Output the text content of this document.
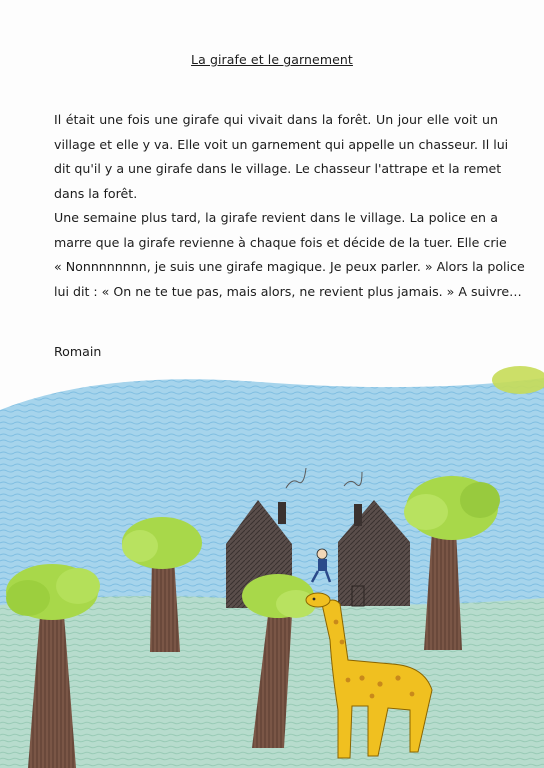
La girafe et le garnement
Il était une fois une girafe qui vivait dans la forêt. Un jour elle voit un
village et elle y va. Elle voit un garnement qui appelle un chasseur. Il lui
dit qu'il y a une girafe dans le village. Le chasseur l'attrape et la remet
dans la forêt.
Une semaine plus tard, la girafe revient dans le village. La police en a
marre que la girafe revienne à chaque fois et décide de la tuer. Elle crie
« Nonnnnnnnn, je suis une girafe magique. Je peux parler. » Alors la police
lui dit : « On ne te tue pas, mais alors, ne revient plus jamais. » A suivre…
Romain
